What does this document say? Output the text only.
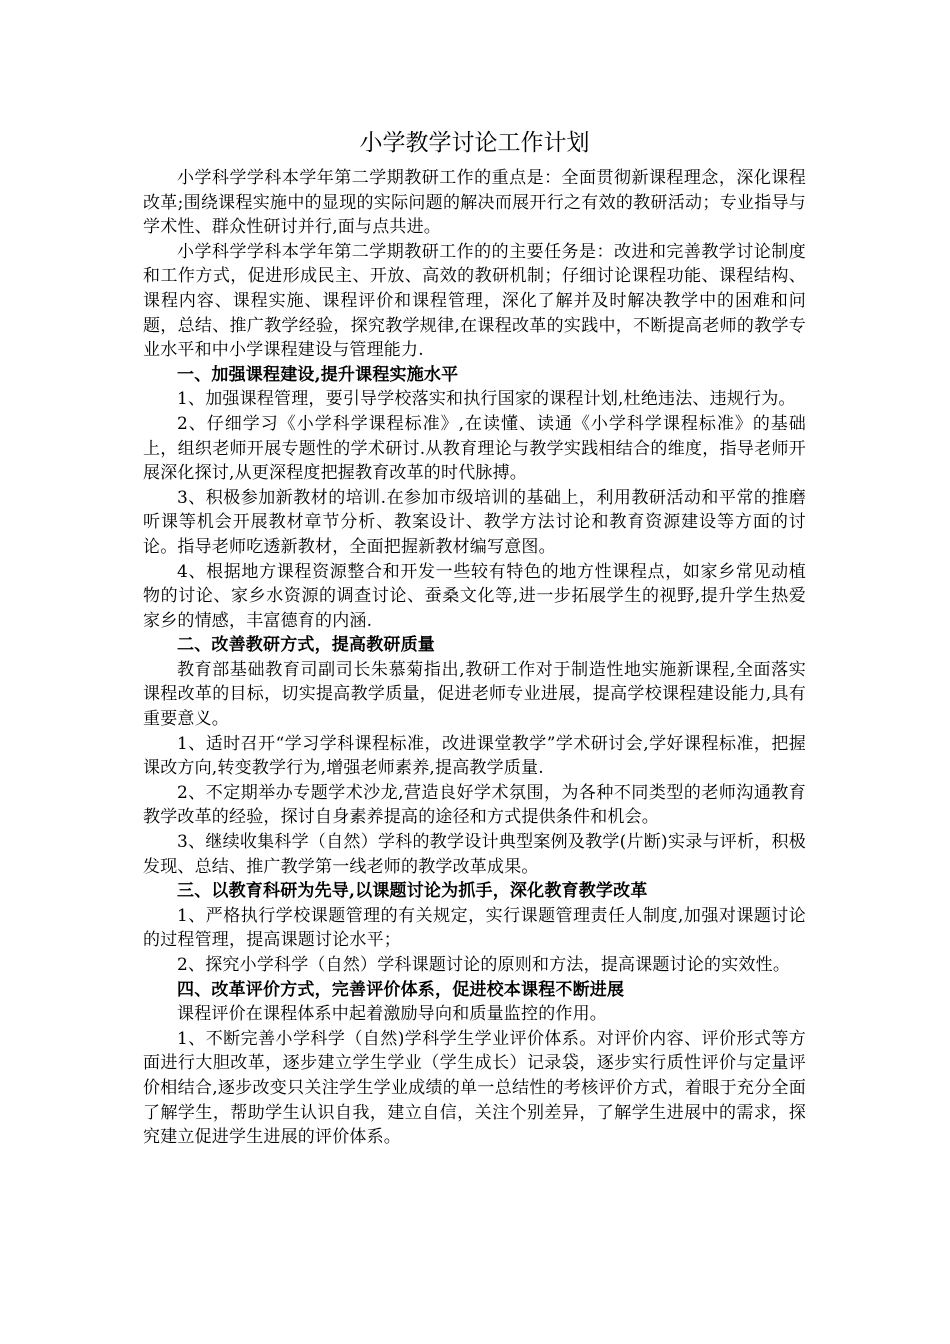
小学教学讨论工作计划

小学科学学科本学年第二学期教研工作的重点是：全面贯彻新课程理念，深化课程改革;围绕课程实施中的显现的实际问题的解决而展开行之有效的教研活动；专业指导与学术性、群众性研讨并行,面与点共进。

小学科学学科本学年第二学期教研工作的的主要任务是：改进和完善教学讨论制度和工作方式，促进形成民主、开放、高效的教研机制；仔细讨论课程功能、课程结构、课程内容、课程实施、课程评价和课程管理，深化了解并及时解决教学中的困难和问题，总结、推广教学经验，探究教学规律,在课程改革的实践中，不断提高老师的教学专业水平和中小学课程建设与管理能力.

一、加强课程建设,提升课程实施水平

1、加强课程管理，要引导学校落实和执行国家的课程计划,杜绝违法、违规行为。

2、仔细学习《小学科学课程标准》,在读懂、读通《小学科学课程标准》的基础上，组织老师开展专题性的学术研讨.从教育理论与教学实践相结合的维度，指导老师开展深化探讨,从更深程度把握教育改革的时代脉搏。

3、积极参加新教材的培训.在参加市级培训的基础上，利用教研活动和平常的推磨听课等机会开展教材章节分析、教案设计、教学方法讨论和教育资源建设等方面的讨论。指导老师吃透新教材，全面把握新教材编写意图。

4、根据地方课程资源整合和开发一些较有特色的地方性课程点，如家乡常见动植物的讨论、家乡水资源的调查讨论、蚕桑文化等,进一步拓展学生的视野,提升学生热爱家乡的情感，丰富德育的内涵.

二、改善教研方式，提高教研质量

教育部基础教育司副司长朱慕菊指出,教研工作对于制造性地实施新课程,全面落实课程改革的目标，切实提高教学质量，促进老师专业进展，提高学校课程建设能力,具有重要意义。

1、适时召开“学习学科课程标准，改进课堂教学”学术研讨会,学好课程标准，把握课改方向,转变教学行为,增强老师素养,提高教学质量.

2、不定期举办专题学术沙龙,营造良好学术氛围，为各种不同类型的老师沟通教育教学改革的经验，探讨自身素养提高的途径和方式提供条件和机会。

3、继续收集科学（自然）学科的教学设计典型案例及教学(片断)实录与评析，积极发现、总结、推广教学第一线老师的教学改革成果。

三、以教育科研为先导,以课题讨论为抓手，深化教育教学改革

1、严格执行学校课题管理的有关规定，实行课题管理责任人制度,加强对课题讨论的过程管理，提高课题讨论水平；

2、探究小学科学（自然）学科课题讨论的原则和方法，提高课题讨论的实效性。

四、改革评价方式，完善评价体系，促进校本课程不断进展

课程评价在课程体系中起着激励导向和质量监控的作用。

1、不断完善小学科学（自然)学科学生学业评价体系。对评价内容、评价形式等方面进行大胆改革，逐步建立学生学业（学生成长）记录袋，逐步实行质性评价与定量评价相结合,逐步改变只关注学生学业成绩的单一总结性的考核评价方式，着眼于充分全面了解学生，帮助学生认识自我，建立自信，关注个别差异，了解学生进展中的需求，探究建立促进学生进展的评价体系。
